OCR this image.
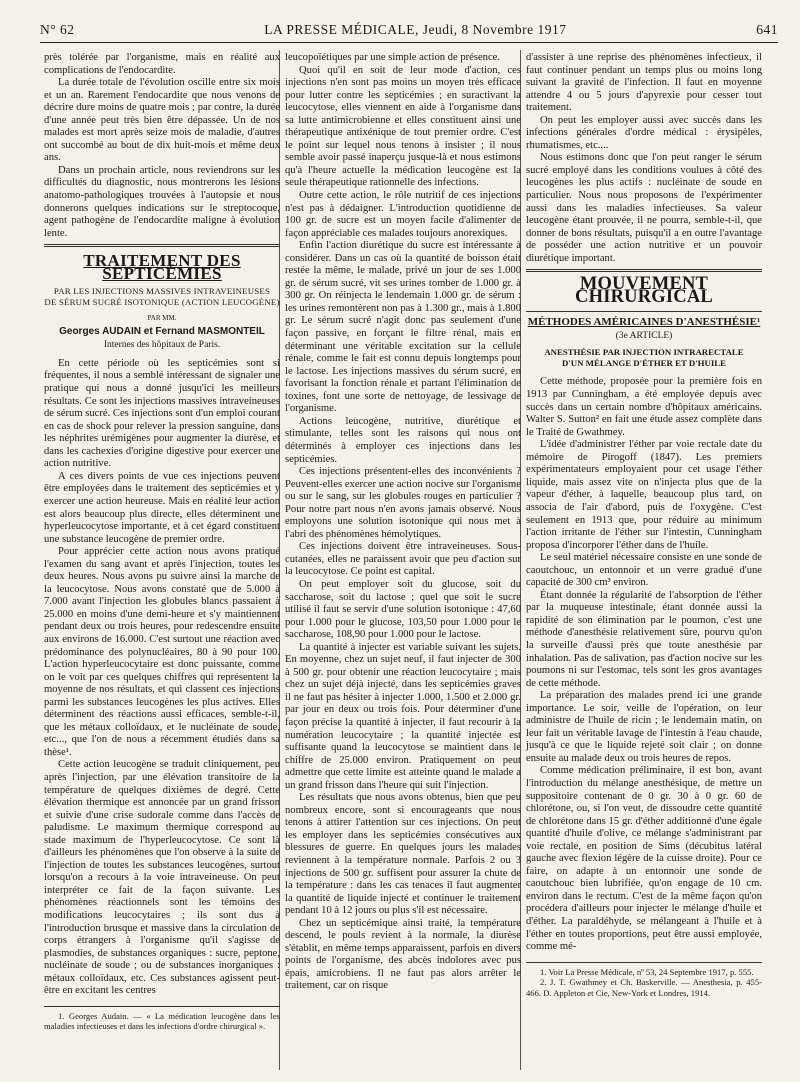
N° 62	LA PRESSE MÉDICALE, Jeudi, 8 Novembre 1917	641

près tolérée par l'organisme, mais en réalité aux complications de l'endocardite.

La durée totale de l'évolution oscille entre six mois et un an. Rarement l'endocardite que nous venons de décrire dure moins de quatre mois ; par contre, la durée d'une année peut très bien être dépassée. Un de nos malades est mort après seize mois de maladie, d'autres ont succombé au bout de dix huit-mois et même deux ans.

Dans un prochain article, nous reviendrons sur les difficultés du diagnostic, nous montrerons les lésions anatomo-pathologiques trouvées à l'autopsie et nous donnerons quelques indications sur le streptocoque, agent pathogène de l'endocardite maligne à évolution lente.

TRAITEMENT DES SEPTICÉMIES
PAR LES INJECTIONS MASSIVES INTRAVEINEUSES
DE SÉRUM SUCRÉ ISOTONIQUE (ACTION LEUCOGÈNE)
PAR MM.
Georges AUDAIN et Fernand MASMONTEIL
Internes des hôpitaux de Paris.

En cette période où les septicémies sont si fréquentes, il nous a semblé intéressant de signaler une pratique qui nous a donné jusqu'ici les meilleurs résultats. Ce sont les injections massives intraveineuses de sérum sucré. Ces injections sont d'un emploi courant en cas de shock pour relever la pression sanguine, dans les néphrites urémigènes pour augmenter la diurèse, et dans les cachexies d'origine digestive pour exercer une action nutritive.

A ces divers points de vue ces injections peuvent être employées dans le traitement des septicémies et y exercer une action heureuse. Mais en réalité leur action est alors beaucoup plus directe, elles déterminent une hyperleucocytose importante, et à cet égard constituent une substance leucogène de premier ordre.

Pour apprécier cette action nous avons pratiqué l'examen du sang avant et après l'injection, toutes les deux heures. Nous avons pu suivre ainsi la marche de la leucocytose. Nous avons constaté que de 5.000 à 7.000 avant l'injection les globules blancs passaient à 25.000 en moins d'une demi-heure et s'y maintiennent pendant deux ou trois heures, pour redescendre ensuite aux environs de 16.000. C'est surtout une réaction avec prédominance des polynucléaires, 80 à 90 pour 100. L'action hyperleucocytaire est donc puissante, comme on le voit par ces quelques chiffres qui représentent la moyenne de nos résultats, et qui classent ces injections parmi les substances leucogènes les plus actives. Elles déterminent des réactions aussi efficaces, semble-t-il, que les métaux colloïdaux, et le nucléinate de soude, etc..., que l'on de nous a récemment étudiés dans sa thèse¹.

Cette action leucogène se traduit cliniquement, peu après l'injection, par une élévation transitoire de la température de quelques dixièmes de degré. Cette élévation thermique est annoncée par un grand frisson et suivie d'une crise sudorale comme dans l'accès de paludisme. Le maximum thermique correspond au stade maximum de l'hyperleucocytose. Ce sont là d'ailleurs les phénomènes que l'on observe à la suite de l'injection de toutes les substances leucogènes, surtout lorsqu'on a recours à la voie intraveineuse. On peut interpréter ce fait de la façon suivante. Les phénomènes réactionnels sont les témoins des modifications leucocytaires ; ils sont dus à l'introduction brusque et massive dans la circulation de corps étrangers à l'organisme qu'il s'agisse de plasmodies, de substances organiques : sucre, peptone, nucléinate de soude ; ou de substances inorganiques : métaux colloïdaux, etc. Ces substances agissent peut-être en excitant les centres

1. Georges Audain. — « La médication leucogène dans les maladies infectieuses et dans les infections d'ordre chirurgical ».

leucopoïétiques par une simple action de présence.

Quoi qu'il en soit de leur mode d'action, ces injections n'en sont pas moins un moyen très efficace pour lutter contre les septicémies ; en suractivant la leucocytose, elles viennent en aide à l'organisme dans sa lutte antimicrobienne et elles constituent ainsi une thérapeutique antixénique de tout premier ordre. C'est le point sur lequel nous tenons à insister ; il nous semble avoir passé inaperçu jusque-là et nous estimons qu'à l'heure actuelle la médication leucogène est la seule thérapeutique rationnelle des infections.

Outre cette action, le rôle nutritif de ces injections n'est pas à dédaigner. L'introduction quotidienne de 100 gr. de sucre est un moyen facile d'alimenter de façon appréciable ces malades toujours anorexiques.

Enfin l'action diurétique du sucre est intéressante à considérer. Dans un cas où la quantité de boisson était restée la même, le malade, privé un jour de ses 1.000 gr. de sérum sucré, vit ses urines tomber de 1.000 gr. à 300 gr. On réinjecta le lendemain 1.000 gr. de sérum : les urines remontèrent non pas à 1.300 gr., mais à 1.800 gr. Le sérum sucré n'agit donc pas seulement d'une façon passive, en forçant le filtre rénal, mais en déterminant une véritable excitation sur la cellule rénale, comme le fait est connu depuis longtemps pour le lactose. Les injections massives du sérum sucré, en favorisant la fonction rénale et partant l'élimination de toxines, font une sorte de nettoyage, de lessivage de l'organisme.

Actions leucogène, nutritive, diurétique et stimulante, telles sont les raisons qui nous ont déterminés à employer ces injections dans les septicémies.

Ces injections présentent-elles des inconvénients ? Peuvent-elles exercer une action nocive sur l'organisme ou sur le sang, sur les globules rouges en particulier ? Pour notre part nous n'en avons jamais observé. Nous employons une solution isotonique qui nous met à l'abri des phénomènes hémolytiques.

Ces injections doivent être intraveineuses. Sous-cutanées, elles ne paraissent avoir que peu d'action sur la leucocytose. Ce point est capital.

On peut employer soit du glucose, soit du saccharose, soit du lactose ; quel que soit le sucre utilisé il faut se servir d'une solution isotonique : 47,60 pour 1.000 pour le glucose, 103,50 pour 1.000 pour le saccharose, 108,90 pour 1.000 pour le lactose.

La quantité à injecter est variable suivant les sujets. En moyenne, chez un sujet neuf, il faut injecter de 300 à 500 gr. pour obtenir une réaction leucocytaire ; mais chez un sujet déjà injecté, dans les septicémies graves il ne faut pas hésiter à injecter 1.000, 1.500 et 2.000 gr. par jour en deux ou trois fois. Pour déterminer d'une façon précise la quantité à injecter, il faut recourir à la numération leucocytaire ; la quantité injectée est suffisante quand la leucocytose se maintient dans le chiffre de 25.000 environ. Pratiquement on peut admettre que cette limite est atteinte quand le malade a un grand frisson dans l'heure qui suit l'injection.

Les résultats que nous avons obtenus, bien que peu nombreux encore, sont si encourageants que nous tenons à attirer l'attention sur ces injections. On peut les employer dans les septicémies consécutives aux blessures de guerre. En quelques jours les malades reviennent à la température normale. Parfois 2 ou 3 injections de 500 gr. suffisent pour assurer la chute de la température : dans les cas tenaces il faut augmenter la quantité de liquide injecté et continuer le traitement pendant 10 à 12 jours ou plus s'il est nécessaire.

Chez un septicémique ainsi traité, la température descend, le pouls revient à la normale, la diurèse s'établit, en même temps apparaissent, parfois en divers points de l'organisme, des abcès indolores avec pus épais, amicrobiens. Il ne faut pas alors arrêter le traitement, car on risque

d'assister à une reprise des phénomènes infectieux, il faut continuer pendant un temps plus ou moins long suivant la gravité de l'infection. Il faut en moyenne attendre 4 ou 5 jours d'apyrexie pour cesser tout traitement.

On peut les employer aussi avec succès dans les infections générales d'ordre médical : érysipèles, rhumatismes, etc....

Nous estimons donc que l'on peut ranger le sérum sucré employé dans les conditions voulues à côté des leucogènes les plus actifs : nucléinate de soude en particulier. Nous nous proposons de l'expérimenter aussi dans les maladies infectieuses. Sa valeur leucogène étant prouvée, il ne pourra, semble-t-il, que donner de bons résultats, puisqu'il a en outre l'avantage de posséder une action nutritive et un pouvoir diurétique important.

MOUVEMENT CHIRURGICAL
MÉTHODES AMÉRICAINES D'ANESTHÉSIE¹
(3e ARTICLE)
ANESTHÉSIE PAR INJECTION INTRARECTALE
D'UN MÉLANGE D'ÉTHER ET D'HUILE

Cette méthode, proposée pour la première fois en 1913 par Cunningham, a été employée depuis avec succès dans un certain nombre d'hôpitaux américains. Walter S. Sutton² en fait une étude assez complète dans le Traité de Gwathmey.

L'idée d'administrer l'éther par voie rectale date du mémoire de Pirogoff (1847). Les premiers expérimentateurs employaient pour cet usage l'éther liquide, mais assez vite on n'injecta plus que de la vapeur d'éther, à laquelle, beaucoup plus tard, on associa de l'air d'abord, puis de l'oxygène. C'est seulement en 1913 que, pour réduire au minimum l'action irritante de l'éther sur l'intestin, Cunningham proposa d'incorporer l'éther dans de l'huile.

Le seul matériel nécessaire consiste en une sonde de caoutchouc, un entonnoir et un verre gradué d'une capacité de 300 cm³ environ.

Étant donnée la régularité de l'absorption de l'éther par la muqueuse intestinale, étant donnée aussi la rapidité de son élimination par le poumon, c'est une méthode d'anesthésie relativement sûre, pourvu qu'on la surveille d'aussi près que toute anesthésie par inhalation. Pas de salivation, pas d'action nocive sur les poumons ni sur l'estomac, tels sont les gros avantages de cette méthode.

La préparation des malades prend ici une grande importance. Le soir, veille de l'opération, on leur administre de l'huile de ricin ; le lendemain matin, on leur fait un véritable lavage de l'intestin à l'eau chaude, jusqu'à ce que le liquide rejeté soit clair ; on donne ensuite au malade deux ou trois heures de repos.

Comme médication préliminaire, il est bon, avant l'introduction du mélange anesthésique, de mettre un suppositoire contenant de 0 gr. 30 à 0 gr. 60 de chlorétone, ou, si l'on veut, de dissoudre cette quantité de chlorétone dans 15 gr. d'éther additionné d'une égale quantité d'huile d'olive, ce mélange s'administrant par voie rectale, en position de Sims (décubitus latéral gauche avec flexion légère de la cuisse droite). Pour ce faire, on adapte à un entonnoir une sonde de caoutchouc bien lubrifiée, qu'on engage de 10 cm. environ dans le rectum. C'est de la même façon qu'on procédera d'ailleurs pour injecter le mélange d'huile et d'éther. La paraldéhyde, se mélangeant à l'huile et à l'éther en toutes proportions, peut être aussi employée, comme mé-

1. Voir La Presse Médicale, nº 53, 24 Septembre 1917, p. 555.

2. J. T. Gwathmey et Ch. Baskerville. — Anesthesia, p. 455-466. D. Appleton et Cie, New-York et Londres, 1914.
